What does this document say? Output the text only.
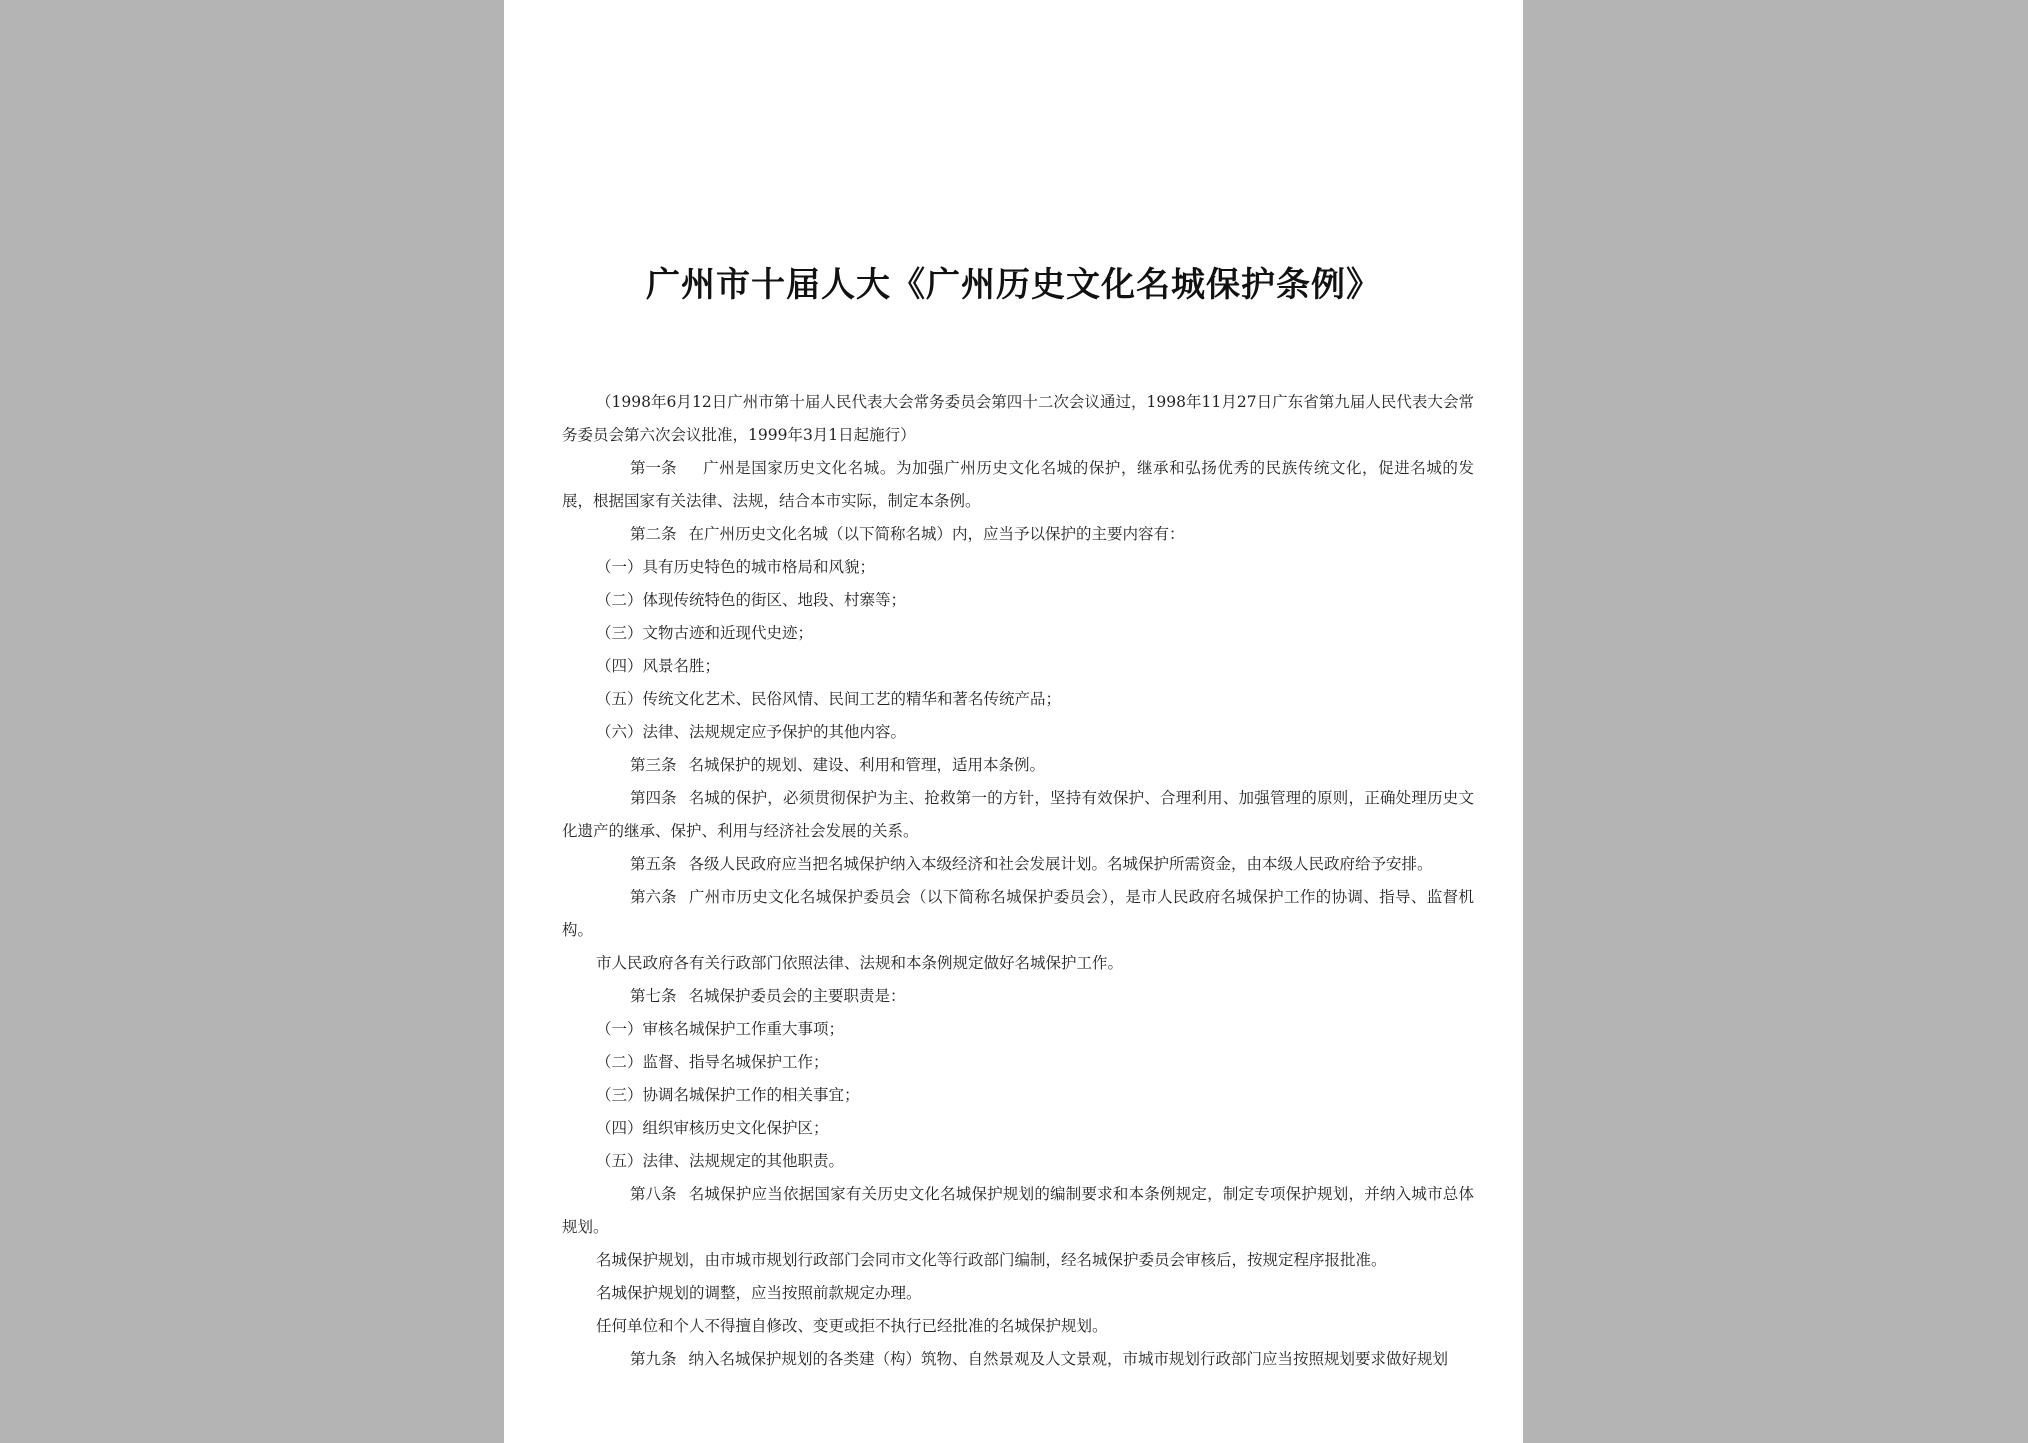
广州市十届人大《广州历史文化名城保护条例》

（1998年6月12日广州市第十届人民代表大会常务委员会第四十二次会议通过，1998年11月27日广东省第九届人民代表大会常务委员会第六次会议批准，1999年3月1日起施行）

第一条 广州是国家历史文化名城。为加强广州历史文化名城的保护，继承和弘扬优秀的民族传统文化，促进名城的发展，根据国家有关法律、法规，结合本市实际，制定本条例。

第二条 在广州历史文化名城（以下简称名城）内，应当予以保护的主要内容有：

（一）具有历史特色的城市格局和风貌；

（二）体现传统特色的街区、地段、村寨等；

（三）文物古迹和近现代史迹；

（四）风景名胜；

（五）传统文化艺术、民俗风情、民间工艺的精华和著名传统产品；

（六）法律、法规规定应予保护的其他内容。

第三条 名城保护的规划、建设、利用和管理，适用本条例。

第四条 名城的保护，必须贯彻保护为主、抢救第一的方针，坚持有效保护、合理利用、加强管理的原则，正确处理历史文化遗产的继承、保护、利用与经济社会发展的关系。

第五条 各级人民政府应当把名城保护纳入本级经济和社会发展计划。名城保护所需资金，由本级人民政府给予安排。

第六条 广州市历史文化名城保护委员会（以下简称名城保护委员会），是市人民政府名城保护工作的协调、指导、监督机构。

市人民政府各有关行政部门依照法律、法规和本条例规定做好名城保护工作。

第七条 名城保护委员会的主要职责是：

（一）审核名城保护工作重大事项；

（二）监督、指导名城保护工作；

（三）协调名城保护工作的相关事宜；

（四）组织审核历史文化保护区；

（五）法律、法规规定的其他职责。

第八条 名城保护应当依据国家有关历史文化名城保护规划的编制要求和本条例规定，制定专项保护规划，并纳入城市总体规划。

名城保护规划，由市城市规划行政部门会同市文化等行政部门编制，经名城保护委员会审核后，按规定程序报批准。

名城保护规划的调整，应当按照前款规定办理。

任何单位和个人不得擅自修改、变更或拒不执行已经批准的名城保护规划。

第九条 纳入名城保护规划的各类建（构）筑物、自然景观及人文景观，市城市规划行政部门应当按照规划要求做好规划
